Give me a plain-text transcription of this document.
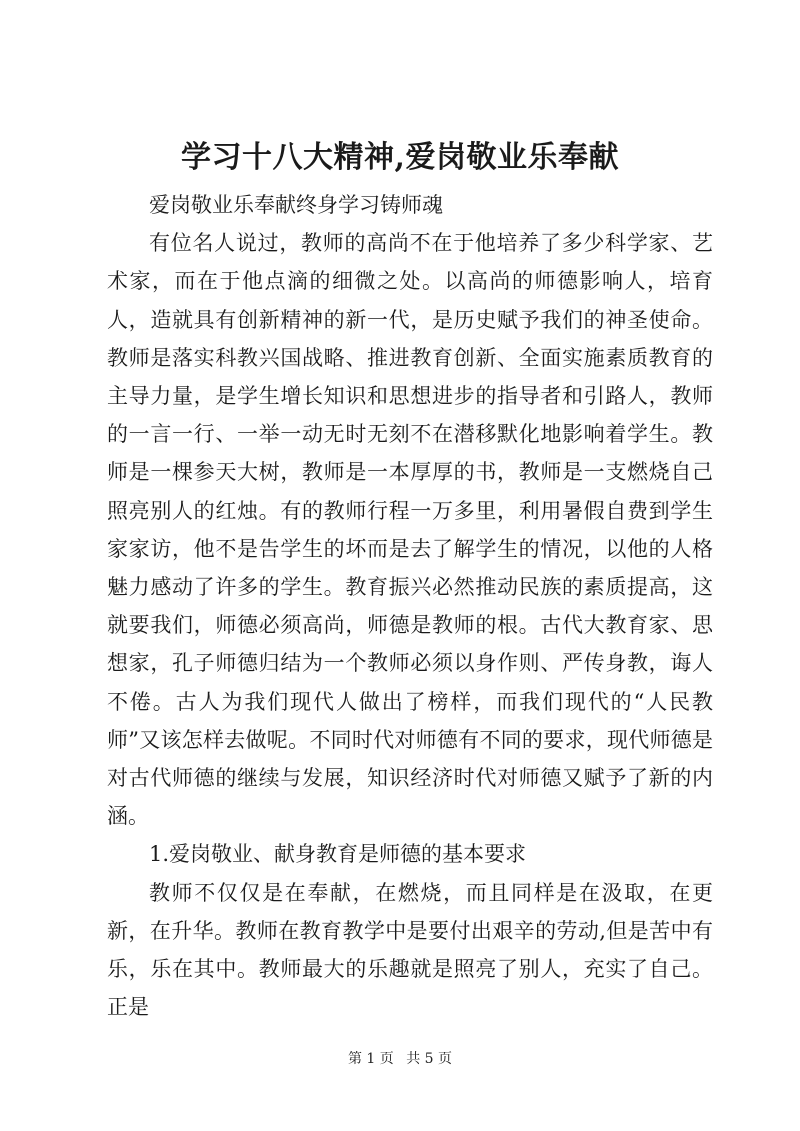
学习十八大精神,爱岗敬业乐奉献

爱岗敬业乐奉献终身学习铸师魂

有位名人说过，教师的高尚不在于他培养了多少科学家、艺术家，而在于他点滴的细微之处。以高尚的师德影响人，培育人，造就具有创新精神的新一代，是历史赋予我们的神圣使命。教师是落实科教兴国战略、推进教育创新、全面实施素质教育的主导力量，是学生增长知识和思想进步的指导者和引路人，教师的一言一行、一举一动无时无刻不在潜移默化地影响着学生。教师是一棵参天大树，教师是一本厚厚的书，教师是一支燃烧自己照亮别人的红烛。有的教师行程一万多里，利用暑假自费到学生家家访，他不是告学生的坏而是去了解学生的情况，以他的人格魅力感动了许多的学生。教育振兴必然推动民族的素质提高，这就要我们，师德必须高尚，师德是教师的根。古代大教育家、思想家，孔子师德归结为一个教师必须以身作则、严传身教，诲人不倦。古人为我们现代人做出了榜样，而我们现代的“人民教师”又该怎样去做呢。不同时代对师德有不同的要求，现代师德是对古代师德的继续与发展，知识经济时代对师德又赋予了新的内涵。

1.爱岗敬业、献身教育是师德的基本要求

教师不仅仅是在奉献，在燃烧，而且同样是在汲取，在更新，在升华。教师在教育教学中是要付出艰辛的劳动,但是苦中有乐，乐在其中。教师最大的乐趣就是照亮了别人，充实了自己。正是

第 1 页 共 5 页
